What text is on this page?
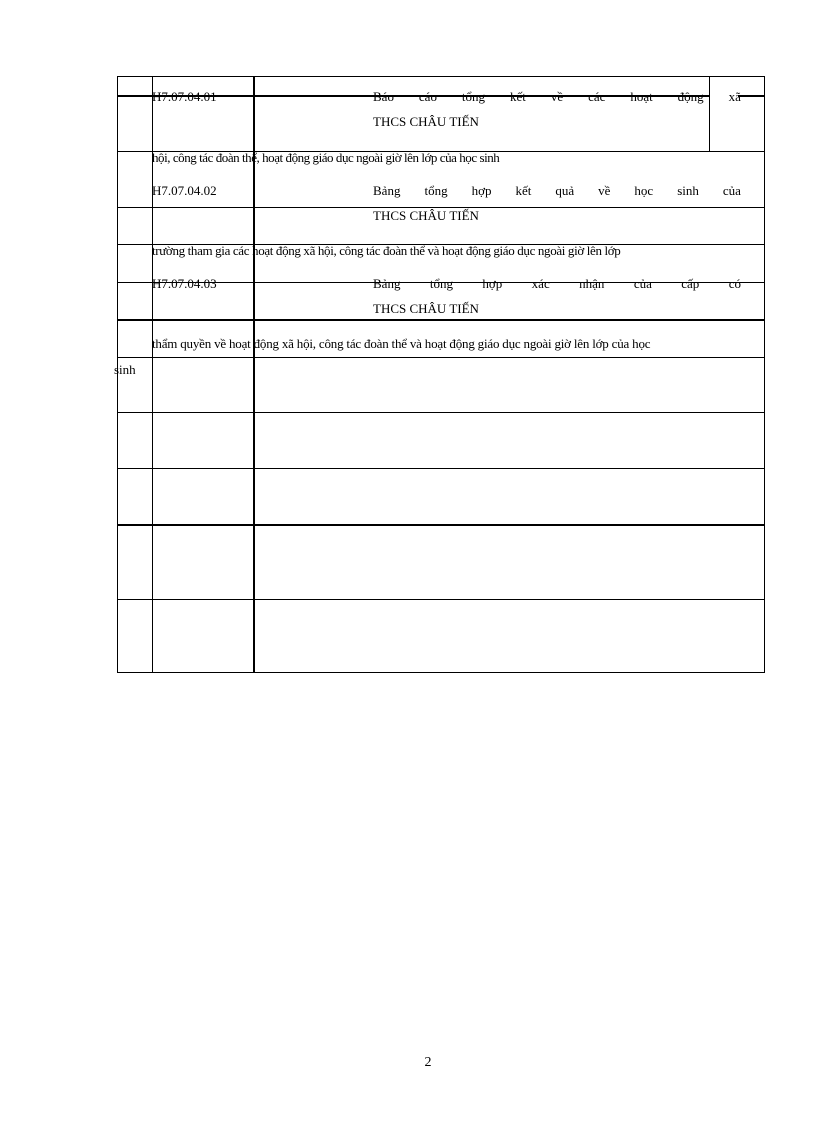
H7.07.04.01	Báo cáo tổng kết về các hoạt động xã
THCS CHÂU TIẾN
hội, công tác đoàn thể, hoạt động giáo dục ngoài giờ lên lớp của học sinh
H7.07.04.02	Bảng tổng hợp kết quả về học sinh của
THCS CHÂU TIẾN
trường tham gia các hoạt động xã hội, công tác đoàn thể và hoạt động giáo dục ngoài giờ lên lớp
H7.07.04.03	Bảng tổng hợp xác nhận của cấp có
THCS CHÂU TIẾN
thẩm quyền về hoạt động xã hội, công tác đoàn thể và hoạt động giáo dục ngoài giờ lên lớp của học
sinh
2
